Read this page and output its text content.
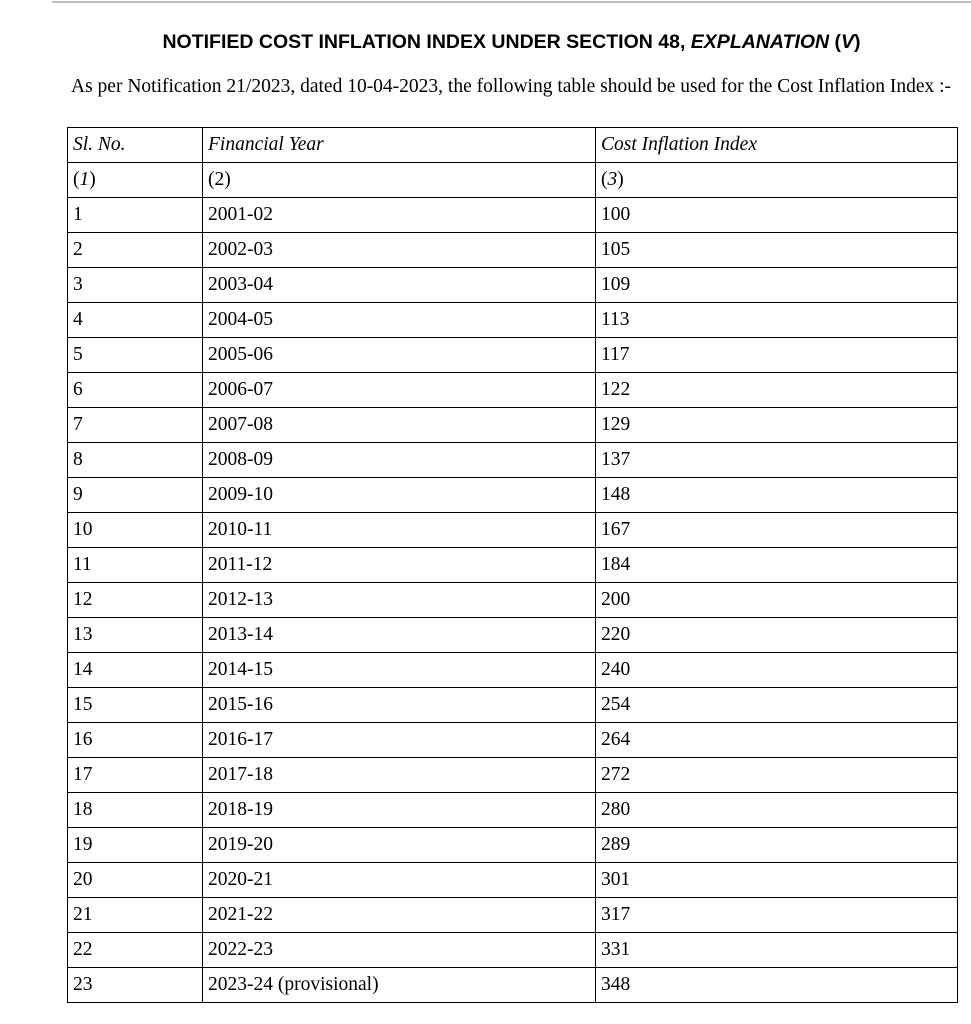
NOTIFIED COST INFLATION INDEX UNDER SECTION 48, EXPLANATION (V)

As per Notification 21/2023, dated 10-04-2023, the following table should be used for the Cost Inflation Index :-

Sl. No.	Financial Year	Cost Inflation Index
(1)	(2)	(3)
1	2001-02	100
2	2002-03	105
3	2003-04	109
4	2004-05	113
5	2005-06	117
6	2006-07	122
7	2007-08	129
8	2008-09	137
9	2009-10	148
10	2010-11	167
11	2011-12	184
12	2012-13	200
13	2013-14	220
14	2014-15	240
15	2015-16	254
16	2016-17	264
17	2017-18	272
18	2018-19	280
19	2019-20	289
20	2020-21	301
21	2021-22	317
22	2022-23	331
23	2023-24 (provisional)	348
